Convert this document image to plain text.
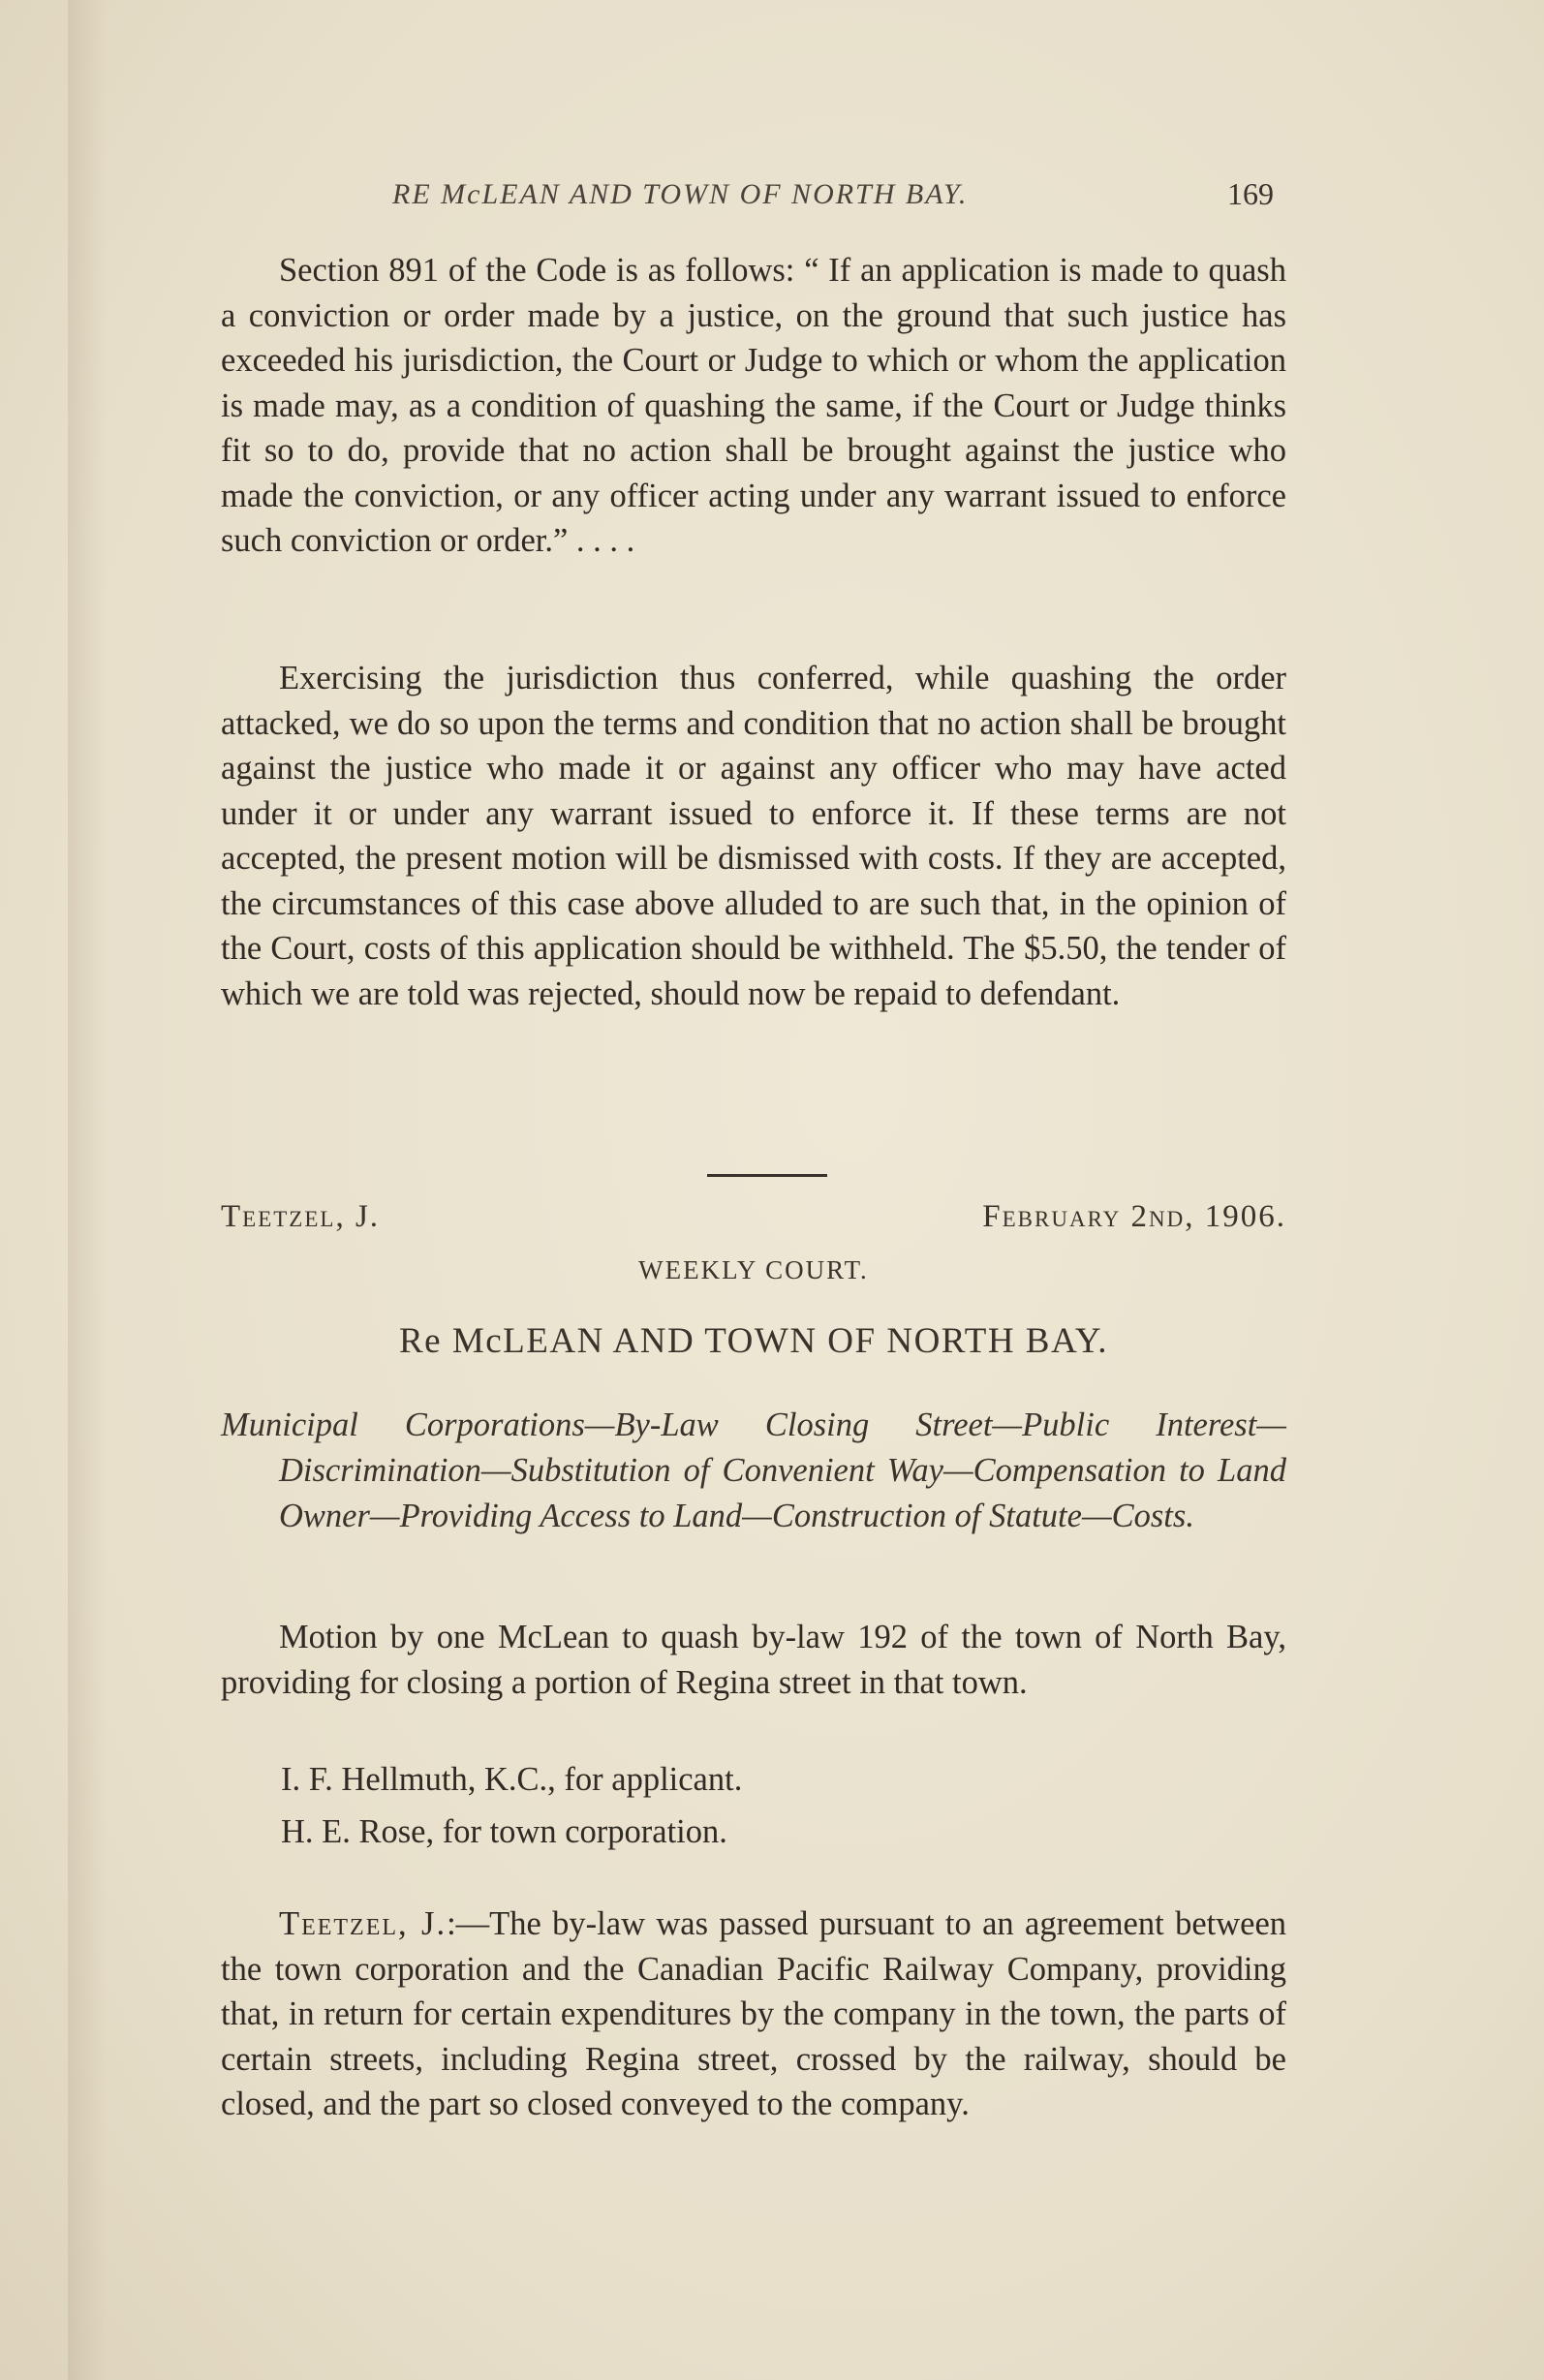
RE McLEAN AND TOWN OF NORTH BAY.	169

Section 891 of the Code is as follows: “ If an application is made to quash a conviction or order made by a justice, on the ground that such justice has exceeded his jurisdiction, the Court or Judge to which or whom the application is made may, as a condition of quashing the same, if the Court or Judge thinks fit so to do, provide that no action shall be brought against the justice who made the conviction, or any officer acting under any warrant issued to enforce such conviction or order.” . . . .

Exercising the jurisdiction thus conferred, while quashing the order attacked, we do so upon the terms and condition that no action shall be brought against the justice who made it or against any officer who may have acted under it or under any warrant issued to enforce it. If these terms are not accepted, the present motion will be dismissed with costs. If they are accepted, the circumstances of this case above alluded to are such that, in the opinion of the Court, costs of this application should be withheld. The $5.50, the tender of which we are told was rejected, should now be repaid to defendant.

Teetzel, J.	February 2nd, 1906.
WEEKLY COURT.
Re McLEAN AND TOWN OF NORTH BAY.

Municipal Corporations—By-Law Closing Street—Public Interest—Discrimination—Substitution of Convenient Way—Compensation to Land Owner—Providing Access to Land—Construction of Statute—Costs.

Motion by one McLean to quash by-law 192 of the town of North Bay, providing for closing a portion of Regina street in that town.

I. F. Hellmuth, K.C., for applicant.
H. E. Rose, for town corporation.

Teetzel, J.:—The by-law was passed pursuant to an agreement between the town corporation and the Canadian Pacific Railway Company, providing that, in return for certain expenditures by the company in the town, the parts of certain streets, including Regina street, crossed by the railway, should be closed, and the part so closed conveyed to the company.
